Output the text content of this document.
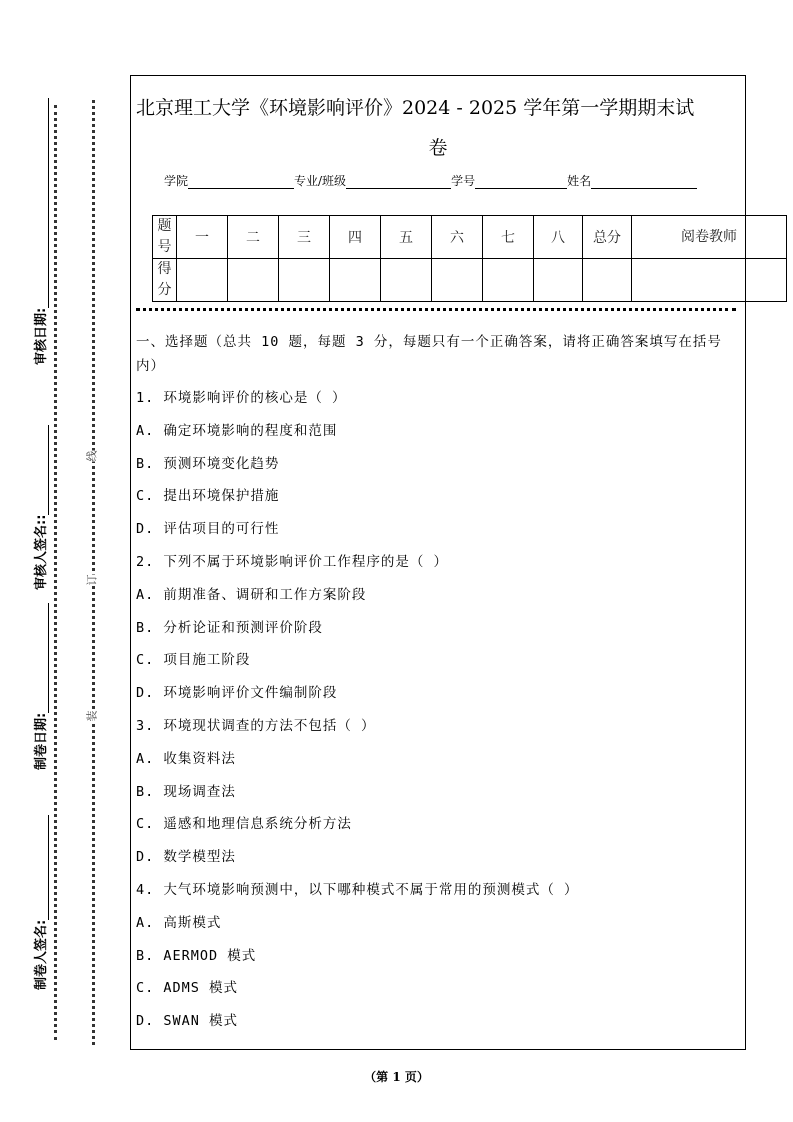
线
订
装
审核日期:
审核人签名::
制卷日期:
制卷人签名:
北京理工大学《环境影响评价》2024 - 2025 学年第一学期期末试
卷
学院	专业/班级	学号	姓名
题号	一	二	三	四	五	六	七	八	总分	阅卷教师
得分										
一、选择题（总共 10 题，每题 3 分，每题只有一个正确答案，请将正确答案填写在括号内）
1. 环境影响评价的核心是（ ）
A. 确定环境影响的程度和范围
B. 预测环境变化趋势
C. 提出环境保护措施
D. 评估项目的可行性
2. 下列不属于环境影响评价工作程序的是（ ）
A. 前期准备、调研和工作方案阶段
B. 分析论证和预测评价阶段
C. 项目施工阶段
D. 环境影响评价文件编制阶段
3. 环境现状调查的方法不包括（ ）
A. 收集资料法
B. 现场调查法
C. 遥感和地理信息系统分析方法
D. 数学模型法
4. 大气环境影响预测中，以下哪种模式不属于常用的预测模式（ ）
A. 高斯模式
B. AERMOD 模式
C. ADMS 模式
D. SWAN 模式
（第 1 页）
